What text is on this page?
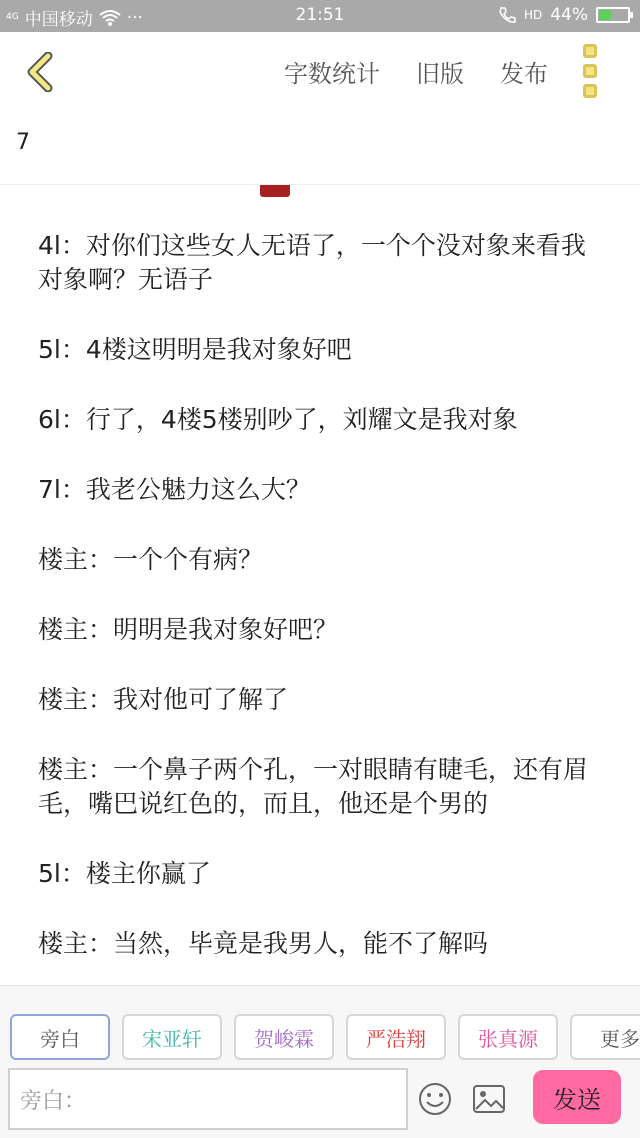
4G 中国移动 ···	21:51	HD 44%
字数统计 旧版 发布
7
4l：对你们这些女人无语了，一个个没对象来看我对象啊？无语子
5l：4楼这明明是我对象好吧
6l：行了，4楼5楼别吵了，刘耀文是我对象
7l：我老公魅力这么大？
楼主：一个个有病？
楼主：明明是我对象好吧？
楼主：我对他可了解了
楼主：一个鼻子两个孔，一对眼睛有睫毛，还有眉毛，嘴巴说红色的，而且，他还是个男的
5l：楼主你赢了
楼主：当然，毕竟是我男人，能不了解吗
旁白	宋亚轩	贺峻霖	严浩翔	张真源	更多
旁白：	发送
